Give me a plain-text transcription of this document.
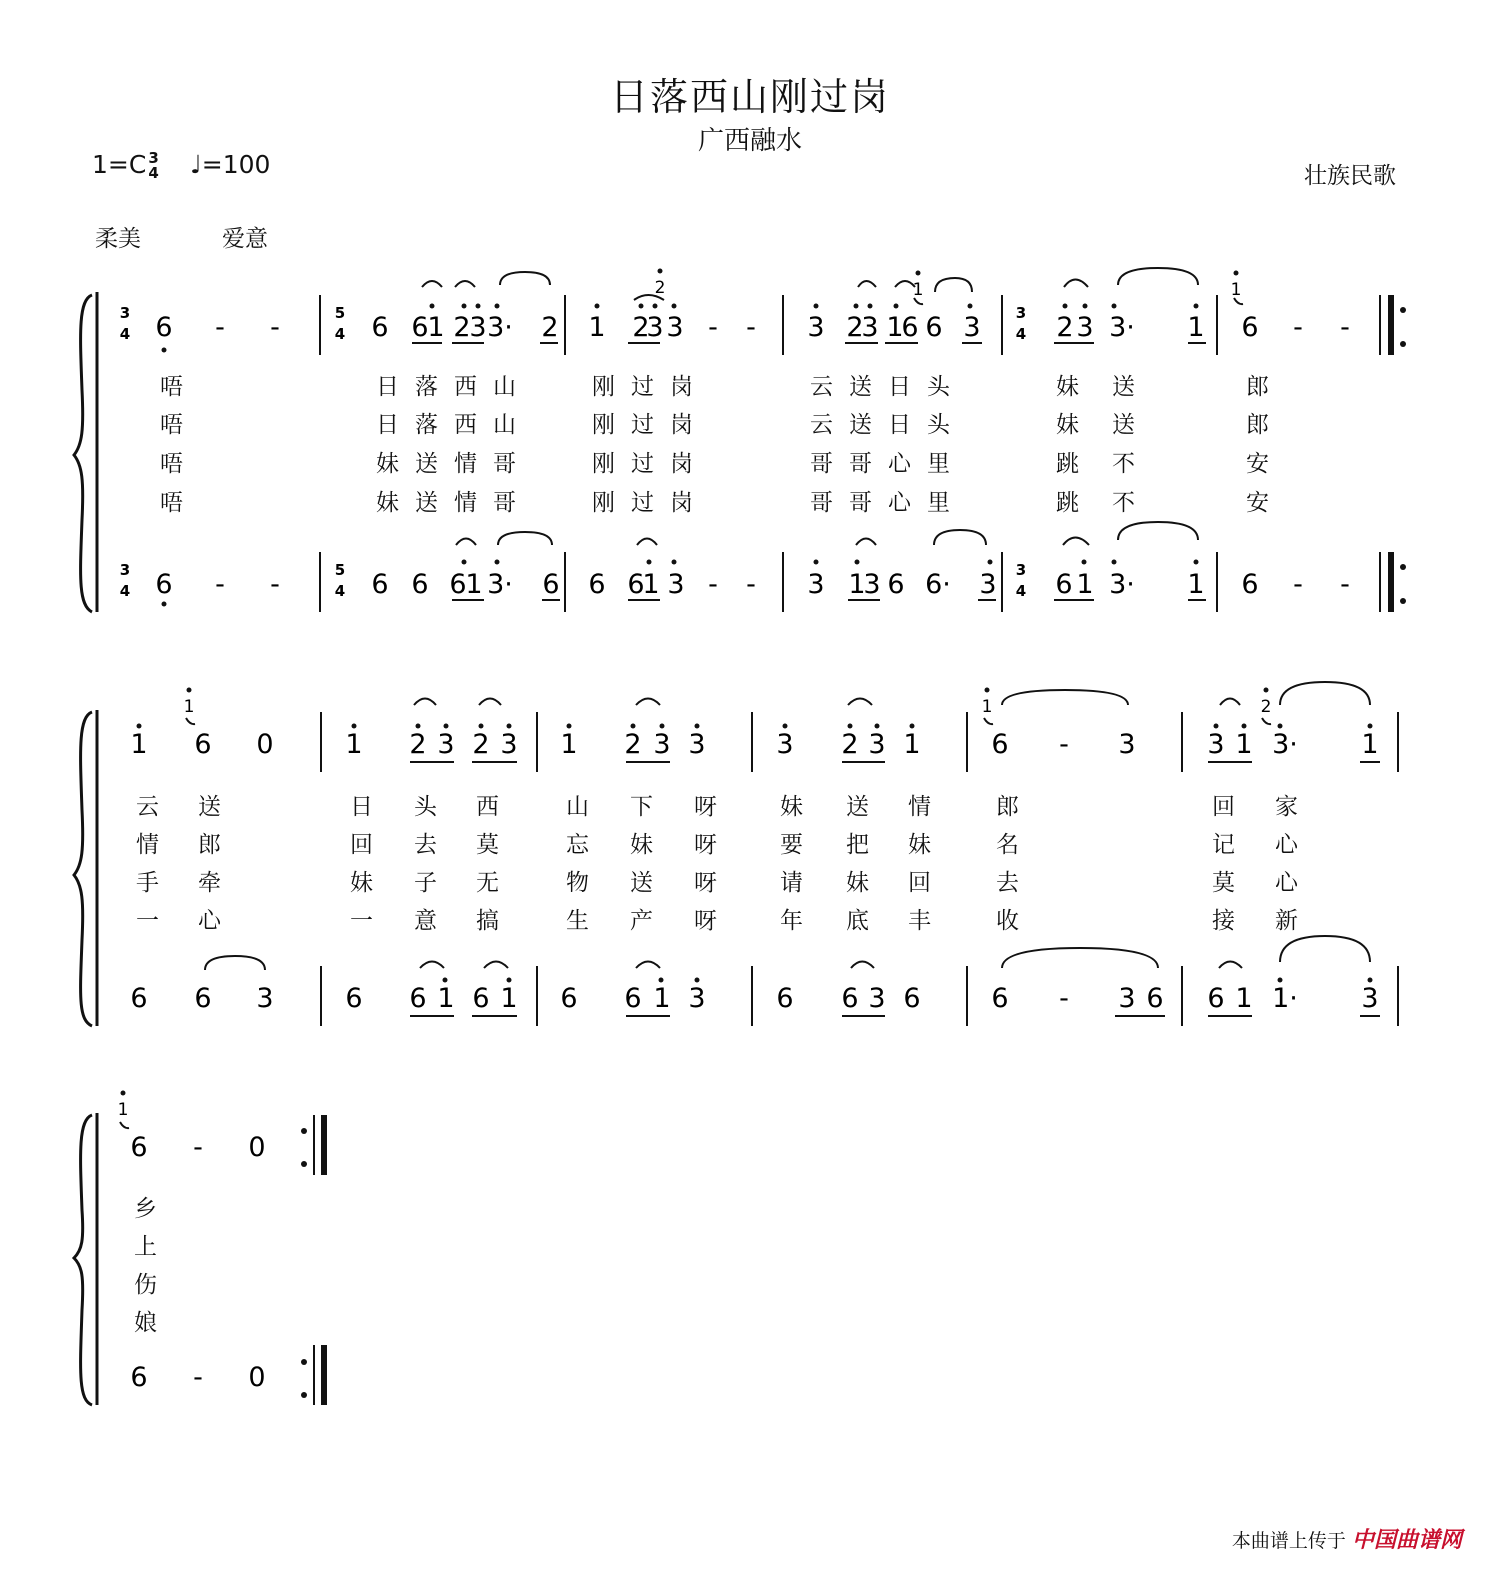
日落西山刚过岗
广西融水
1=C 3
4 ♩=100	壮族民歌
柔美	爱意
3
4
5
4
3
4
3
4
5
4
3
4
2	1	1
1	1	2
1
6 - -	6 6
1 2
3 3· 2 1 2
3 3 - - 3 2
3 1
6 6 3	2 3 3· 1 6 - -
6 - -	6 6 6
1 3· 6 6 6
1 3 - - 3 1
3 6 6· 3 6 1 3· 1 6 - -
1 6 0	1 2 3 2 3 1 2 3 3	3 2 3 1	6 - 3	3 1 3· 1
6 6 3	6 6 1 6 1 6 6 1 3	6 6 3 6	6 - 3 6 6 1 1· 3
6 - 0
6 - 0
唔	日落西山	刚过岗	云送日头	妹 送	郎
唔	日落西山	刚过岗	云送日头	妹 送	郎
唔	妹送情哥	刚过岗	哥哥心里	跳 不	安
唔	妹送情哥	刚过岗	哥哥心里	跳 不	安
云 送	日 头 西	山 下 呀	妹 送 情	郎	回 家
情 郎	回 去 莫	忘 妹 呀	要 把 妹	名	记 心
手 牵	妹 子 无	物 送 呀	请 妹 回	去	莫 心
一 心	一 意 搞	生 产 呀	年 底 丰	收	接 新
乡
上
伤
娘
本曲谱上传于 中国曲谱网
